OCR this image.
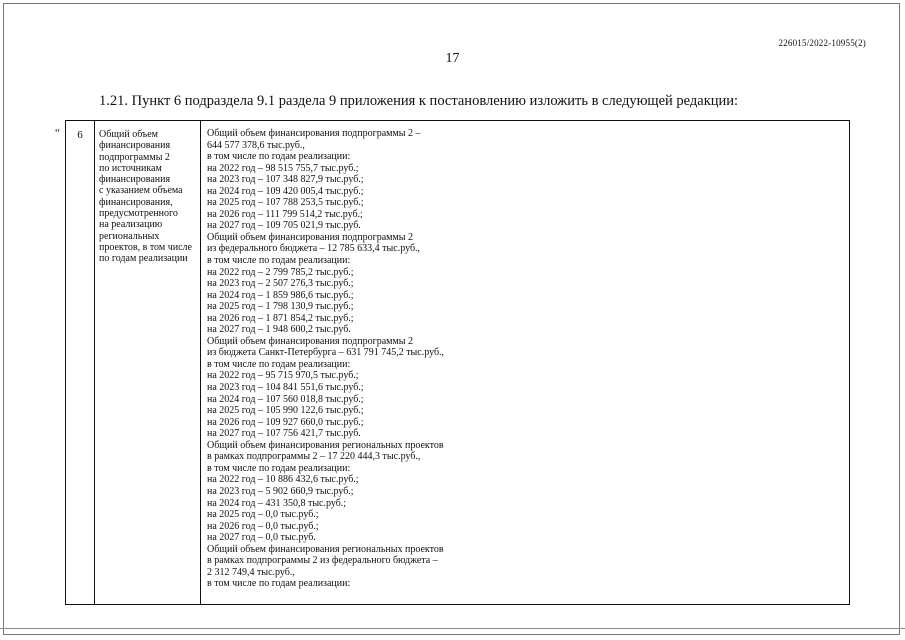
226015/2022-10955(2)
17
1.21. Пункт 6 подраздела 9.1 раздела 9 приложения к постановлению изложить в следующей редакции:
“	6	Общий объем
финансирования
подпрограммы 2
по источникам
финансирования
с указанием объема
финансирования,
предусмотренного
на реализацию
региональных
проектов, в том числе
по годам реализации
Общий объем финансирования подпрограммы 2 –
644 577 378,6 тыс.руб.,
в том числе по годам реализации:
на 2022 год – 98 515 755,7 тыс.руб.;
на 2023 год – 107 348 827,9 тыс.руб.;
на 2024 год – 109 420 005,4 тыс.руб.;
на 2025 год – 107 788 253,5 тыс.руб.;
на 2026 год – 111 799 514,2 тыс.руб.;
на 2027 год – 109 705 021,9 тыс.руб.
Общий объем финансирования подпрограммы 2
из федерального бюджета – 12 785 633,4 тыс.руб.,
в том числе по годам реализации:
на 2022 год – 2 799 785,2 тыс.руб.;
на 2023 год – 2 507 276,3 тыс.руб.;
на 2024 год – 1 859 986,6 тыс.руб.;
на 2025 год – 1 798 130,9 тыс.руб.;
на 2026 год – 1 871 854,2 тыс.руб.;
на 2027 год – 1 948 600,2 тыс.руб.
Общий объем финансирования подпрограммы 2
из бюджета Санкт-Петербурга – 631 791 745,2 тыс.руб.,
в том числе по годам реализации:
на 2022 год – 95 715 970,5 тыс.руб.;
на 2023 год – 104 841 551,6 тыс.руб.;
на 2024 год – 107 560 018,8 тыс.руб.;
на 2025 год – 105 990 122,6 тыс.руб.;
на 2026 год – 109 927 660,0 тыс.руб.;
на 2027 год – 107 756 421,7 тыс.руб.
Общий объем финансирования региональных проектов
в рамках подпрограммы 2 – 17 220 444,3 тыс.руб.,
в том числе по годам реализации:
на 2022 год – 10 886 432,6 тыс.руб.;
на 2023 год – 5 902 660,9 тыс.руб.;
на 2024 год – 431 350,8 тыс.руб.;
на 2025 год – 0,0 тыс.руб.;
на 2026 год – 0,0 тыс.руб.;
на 2027 год – 0,0 тыс.руб.
Общий объем финансирования региональных проектов
в рамках подпрограммы 2 из федерального бюджета –
2 312 749,4 тыс.руб.,
в том числе по годам реализации:
